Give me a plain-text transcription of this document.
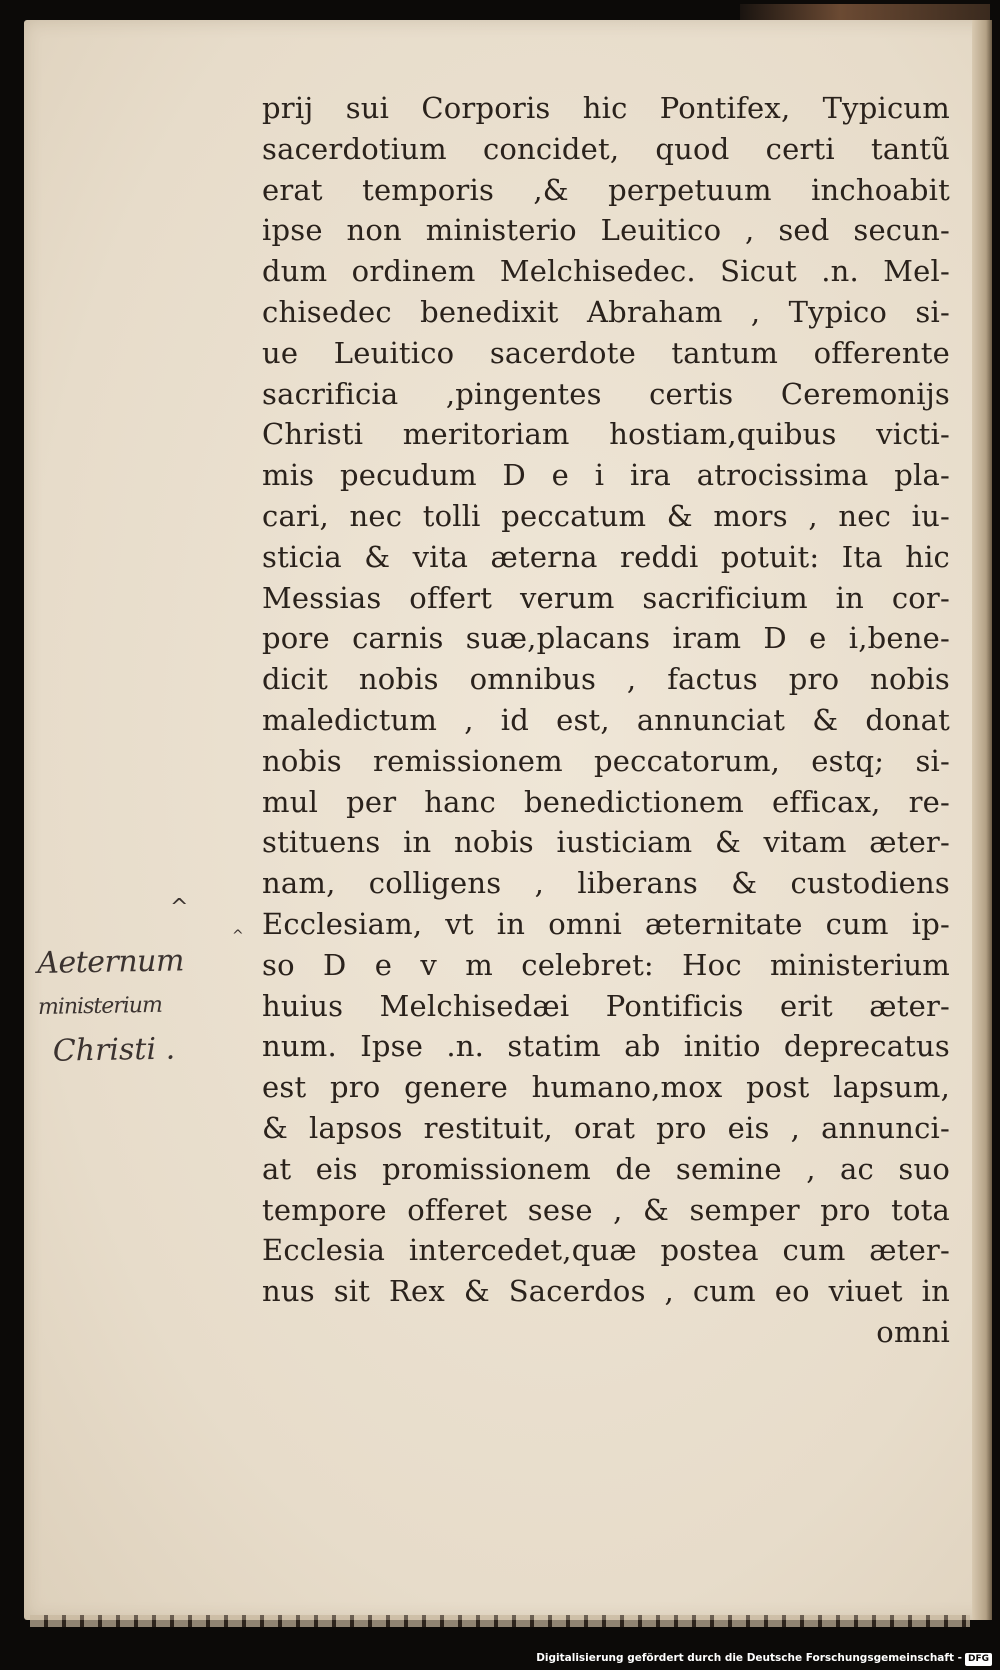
prij sui Corporis hic Pontifex, Typicum
sacerdotium concidet, quod certi tantũ
erat temporis ,& perpetuum inchoabit
ipse non ministerio Leuitico , sed secun-
dum ordinem Melchisedec. Sicut .n. Mel-
chisedec benedixit Abraham , Typico si-
ue Leuitico sacerdote tantum offerente
sacrificia ,pingentes certis Ceremonijs
Christi meritoriam hostiam,quibus victi-
mis pecudum D e i ira atrocissima pla-
cari, nec tolli peccatum & mors , nec iu-
sticia & vita æterna reddi potuit: Ita hic
Messias offert verum sacrificium in cor-
pore carnis suæ,placans iram D e i,bene-
dicit nobis omnibus , factus pro nobis
maledictum , id est, annunciat & donat
nobis remissionem peccatorum, estq; si-
mul per hanc benedictionem efficax, re-
stituens in nobis iusticiam & vitam æter-
nam, colligens , liberans & custodiens
Ecclesiam, vt in omni æternitate cum ip-
so D e v m celebret: Hoc ministerium
huius Melchisedæi Pontificis erit æter-
num. Ipse .n. statim ab initio deprecatus
est pro genere humano,mox post lapsum,
& lapsos restituit, orat pro eis , annunci-
at eis promissionem de semine , ac suo
tempore offeret sese , & semper pro tota
Ecclesia intercedet,quæ postea cum æter-
nus sit Rex & Sacerdos , cum eo viuet in
omni
Aeternum
ministerium
Christi .
^
^
Digitalisierung gefördert durch die Deutsche Forschungsgemeinschaft - DFG
